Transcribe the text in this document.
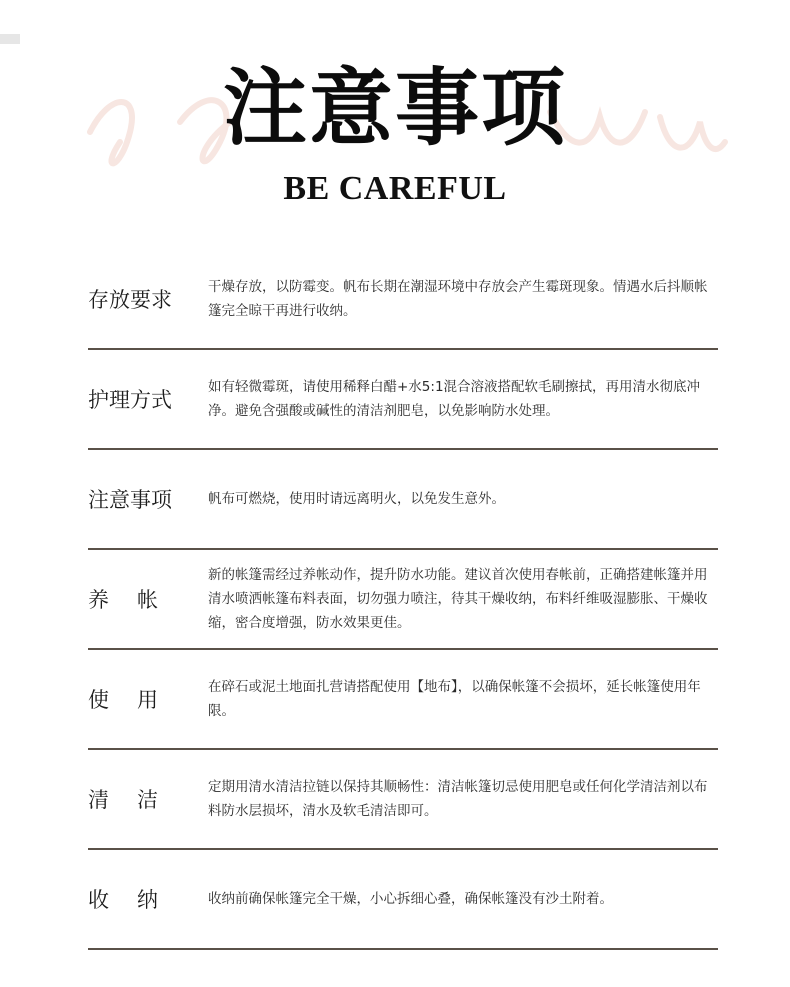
注意事项
BE CAREFUL
存放要求
干燥存放，以防霉变。帆布长期在潮湿环境中存放会产生霉斑现象。情遇水后抖顺帐篷完全晾干再进行收纳。
护理方式
如有轻微霉斑，请使用稀释白醋+水5:1混合溶液搭配软毛刷擦拭，再用清水彻底冲净。避免含强酸或碱性的清洁剂肥皂，以免影响防水处理。
注意事项	帆布可燃烧，使用时请远离明火，以免发生意外。
养帐
新的帐篷需经过养帐动作，提升防水功能。建议首次使用春帐前，正确搭建帐篷并用清水喷洒帐篷布料表面，切勿强力喷注，待其干燥收纳，布料纤维吸湿膨胀、干燥收缩，密合度增强，防水效果更佳。
使用
在碎石或泥土地面扎营请搭配使用【地布】，以确保帐篷不会损坏，延长帐篷使用年限。
清洁
定期用清水清洁拉链以保持其顺畅性：清洁帐篷切忌使用肥皂或任何化学清洁剂以布料防水层损坏，清水及软毛清洁即可。
收纳	收纳前确保帐篷完全干燥，小心拆细心叠，确保帐篷没有沙土附着。
